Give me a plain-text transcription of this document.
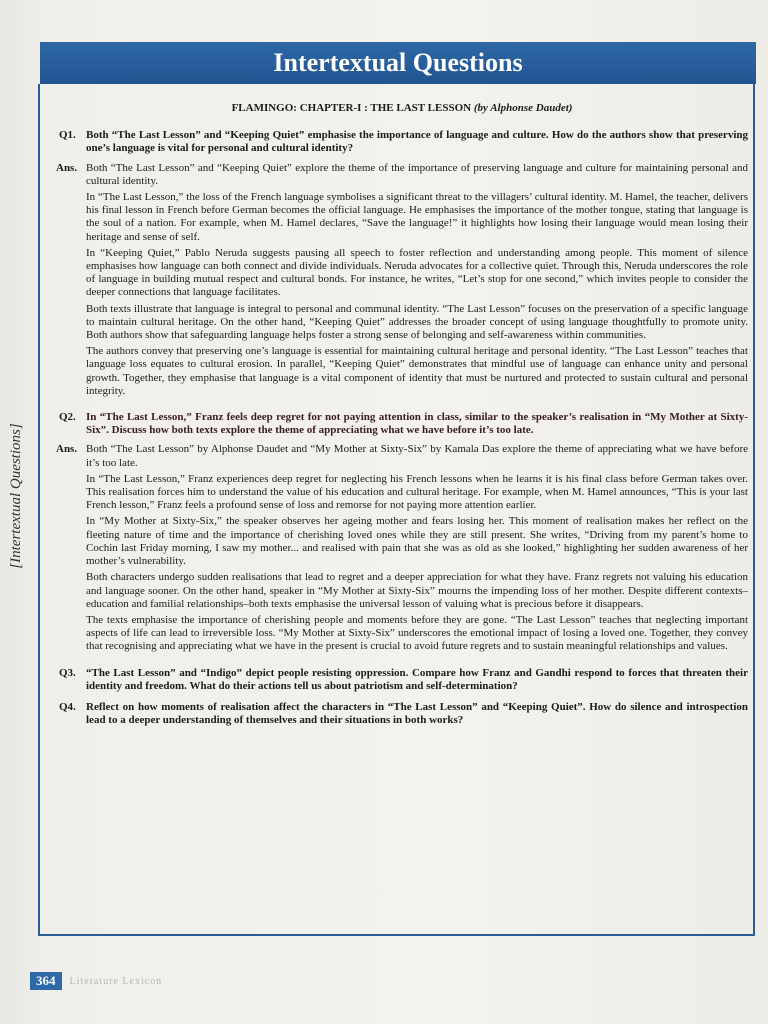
[Intertextual Questions]
Intertextual Questions
FLAMINGO: CHAPTER-I : THE LAST LESSON (by Alphonse Daudet)
Q1. Both “The Last Lesson” and “Keeping Quiet” emphasise the importance of language and culture. How do the authors show that preserving one’s language is vital for personal and cultural identity?
Ans. Both “The Last Lesson” and “Keeping Quiet” explore the theme of the importance of preserving language and culture for maintaining personal and cultural identity.

In “The Last Lesson,” the loss of the French language symbolises a significant threat to the villagers’ cultural identity. M. Hamel, the teacher, delivers his final lesson in French before German becomes the official language. He emphasises the importance of the mother tongue, stating that language is the soul of a nation. For example, when M. Hamel declares, “Save the language!” it highlights how losing their language would mean losing their heritage and sense of self.

In “Keeping Quiet,” Pablo Neruda suggests pausing all speech to foster reflection and understanding among people. This moment of silence emphasises how language can both connect and divide individuals. Neruda advocates for a collective quiet. Through this, Neruda underscores the role of language in building mutual respect and cultural bonds. For instance, he writes, “Let’s stop for one second,” which invites people to consider the deeper connections that language facilitates.

Both texts illustrate that language is integral to personal and communal identity. “The Last Lesson” focuses on the preservation of a specific language to maintain cultural heritage. On the other hand, “Keeping Quiet” addresses the broader concept of using language thoughtfully to promote unity. Both authors show that safeguarding language helps foster a strong sense of belonging and self-awareness within communities.

The authors convey that preserving one’s language is essential for maintaining cultural heritage and personal identity. “The Last Lesson” teaches that language loss equates to cultural erosion. In parallel, “Keeping Quiet” demonstrates that mindful use of language can enhance unity and personal growth. Together, they emphasise that language is a vital component of identity that must be nurtured and protected to sustain cultural and personal integrity.

Q2. In “The Last Lesson,” Franz feels deep regret for not paying attention in class, similar to the speaker’s realisation in “My Mother at Sixty-Six”. Discuss how both texts explore the theme of appreciating what we have before it’s too late.
Ans. Both “The Last Lesson” by Alphonse Daudet and “My Mother at Sixty-Six” by Kamala Das explore the theme of appreciating what we have before it’s too late.

In “The Last Lesson,” Franz experiences deep regret for neglecting his French lessons when he learns it is his final class before German takes over. This realisation forces him to understand the value of his education and cultural heritage. For example, when M. Hamel announces, “This is your last French lesson,” Franz feels a profound sense of loss and remorse for not paying more attention earlier.

In “My Mother at Sixty-Six,” the speaker observes her ageing mother and fears losing her. This moment of realisation makes her reflect on the fleeting nature of time and the importance of cherishing loved ones while they are still present. She writes, “Driving from my parent’s home to Cochin last Friday morning, I saw my mother... and realised with pain that she was as old as she looked,” highlighting her sudden awareness of her mother’s vulnerability.

Both characters undergo sudden realisations that lead to regret and a deeper appreciation for what they have. Franz regrets not valuing his education and language sooner. On the other hand, speaker in “My Mother at Sixty-Six” mourns the impending loss of her mother. Despite different contexts–education and familial relationships–both texts emphasise the universal lesson of valuing what is precious before it disappears.

The texts emphasise the importance of cherishing people and moments before they are gone. “The Last Lesson” teaches that neglecting important aspects of life can lead to irreversible loss. “My Mother at Sixty-Six” underscores the emotional impact of losing a loved one. Together, they convey that recognising and appreciating what we have in the present is crucial to avoid future regrets and to sustain meaningful relationships and values.

Q3. “The Last Lesson” and “Indigo” depict people resisting oppression. Compare how Franz and Gandhi respond to forces that threaten their identity and freedom. What do their actions tell us about patriotism and self-determination?
Q4. Reflect on how moments of realisation affect the characters in “The Last Lesson” and “Keeping Quiet”. How do silence and introspection lead to a deeper understanding of themselves and their situations in both works?
364	Literature Lexicon
